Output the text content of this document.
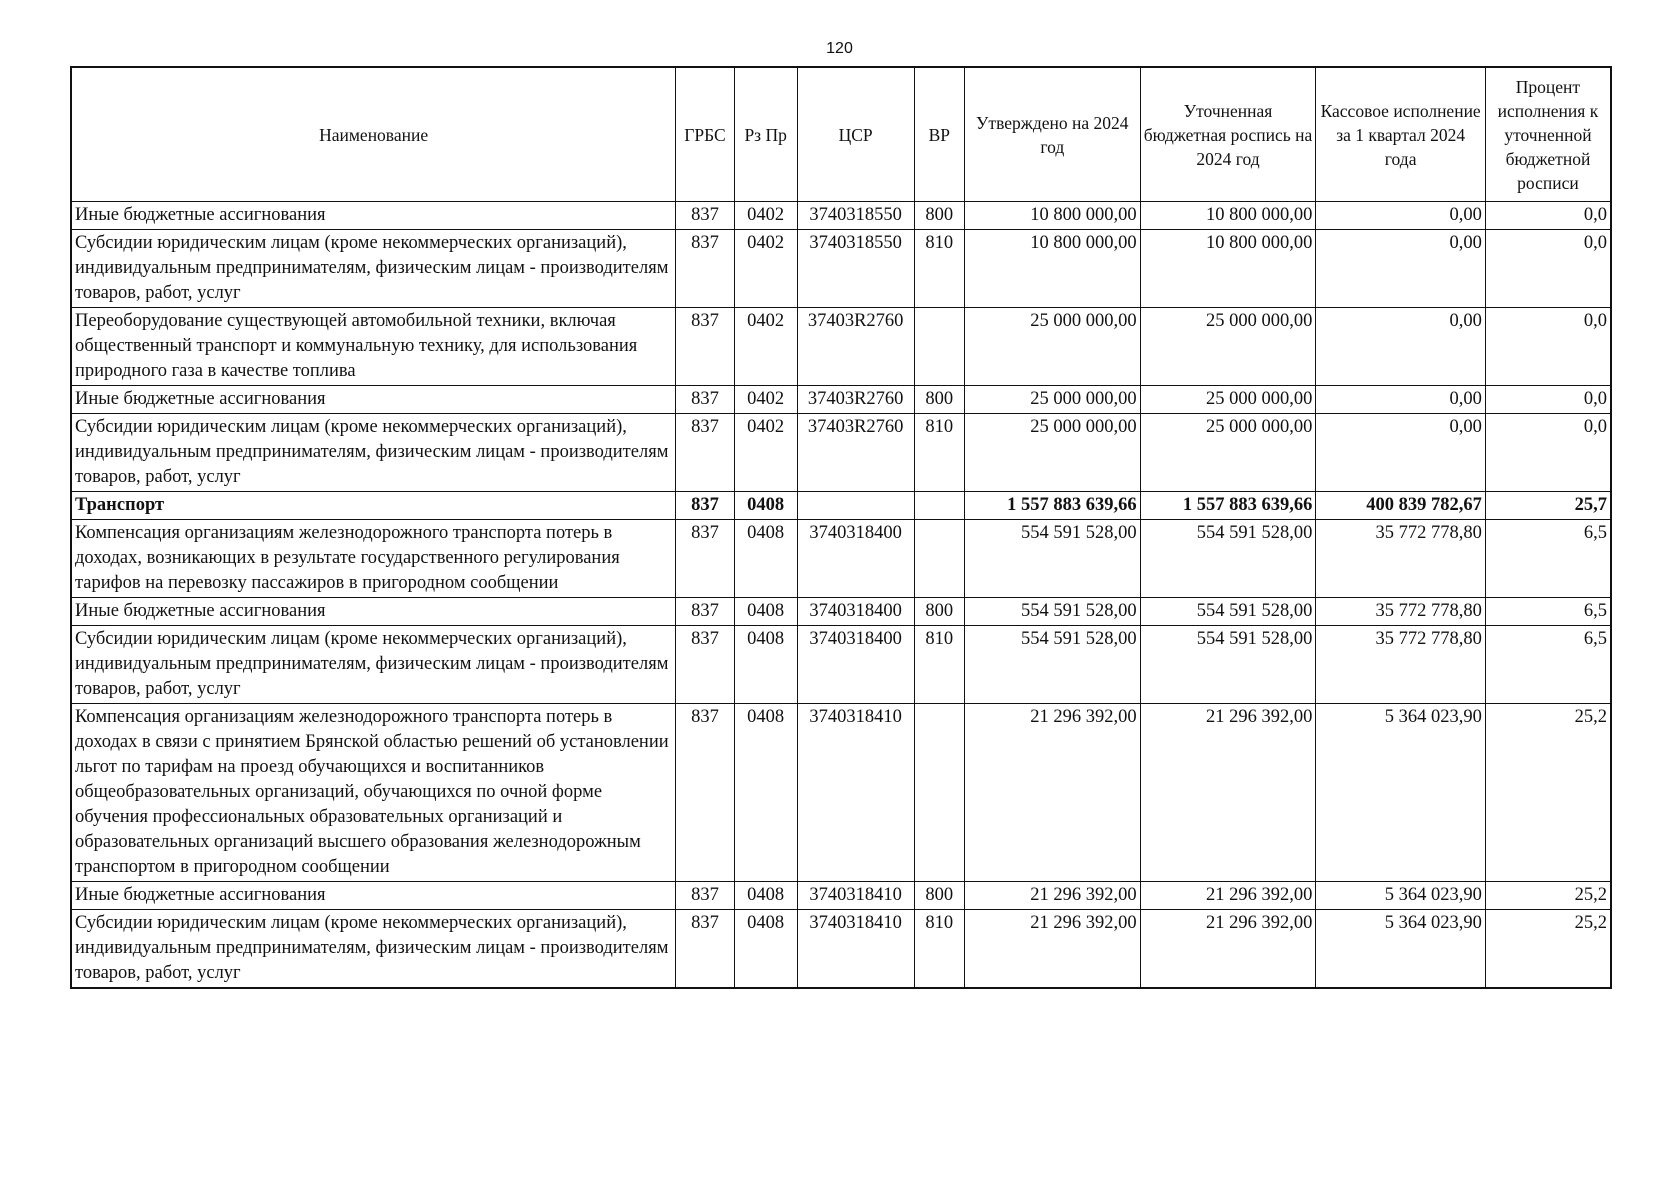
120
Наименование	ГРБС	Рз Пр	ЦСР	ВР	Утверждено на 2024 год	Уточненная бюджетная роспись на 2024 год	Кассовое исполнение за 1 квартал 2024 года	Процент исполнения к уточненной бюджетной росписи
Иные бюджетные ассигнования	837	0402	3740318550	800	10 800 000,00	10 800 000,00	0,00	0,0
Субсидии юридическим лицам (кроме некоммерческих организаций), индивидуальным предпринимателям, физическим лицам - производителям товаров, работ, услуг	837	0402	3740318550	810	10 800 000,00	10 800 000,00	0,00	0,0
Переоборудование существующей автомобильной техники, включая общественный транспорт и коммунальную технику, для использования природного газа в качестве топлива	837	0402	37403R2760		25 000 000,00	25 000 000,00	0,00	0,0
Иные бюджетные ассигнования	837	0402	37403R2760	800	25 000 000,00	25 000 000,00	0,00	0,0
Субсидии юридическим лицам (кроме некоммерческих организаций), индивидуальным предпринимателям, физическим лицам - производителям товаров, работ, услуг	837	0402	37403R2760	810	25 000 000,00	25 000 000,00	0,00	0,0
Транспорт	837	0408			1 557 883 639,66	1 557 883 639,66	400 839 782,67	25,7
Компенсация организациям железнодорожного транспорта потерь в доходах, возникающих в результате государственного регулирования тарифов на перевозку пассажиров в пригородном сообщении	837	0408	3740318400		554 591 528,00	554 591 528,00	35 772 778,80	6,5
Иные бюджетные ассигнования	837	0408	3740318400	800	554 591 528,00	554 591 528,00	35 772 778,80	6,5
Субсидии юридическим лицам (кроме некоммерческих организаций), индивидуальным предпринимателям, физическим лицам - производителям товаров, работ, услуг	837	0408	3740318400	810	554 591 528,00	554 591 528,00	35 772 778,80	6,5
Компенсация организациям железнодорожного транспорта потерь в доходах в связи с принятием Брянской областью решений об установлении льгот по тарифам на проезд обучающихся и воспитанников общеобразовательных организаций, обучающихся по очной форме обучения профессиональных образовательных организаций и образовательных организаций высшего образования железнодорожным транспортом в пригородном сообщении	837	0408	3740318410		21 296 392,00	21 296 392,00	5 364 023,90	25,2
Иные бюджетные ассигнования	837	0408	3740318410	800	21 296 392,00	21 296 392,00	5 364 023,90	25,2
Субсидии юридическим лицам (кроме некоммерческих организаций), индивидуальным предпринимателям, физическим лицам - производителям товаров, работ, услуг	837	0408	3740318410	810	21 296 392,00	21 296 392,00	5 364 023,90	25,2
